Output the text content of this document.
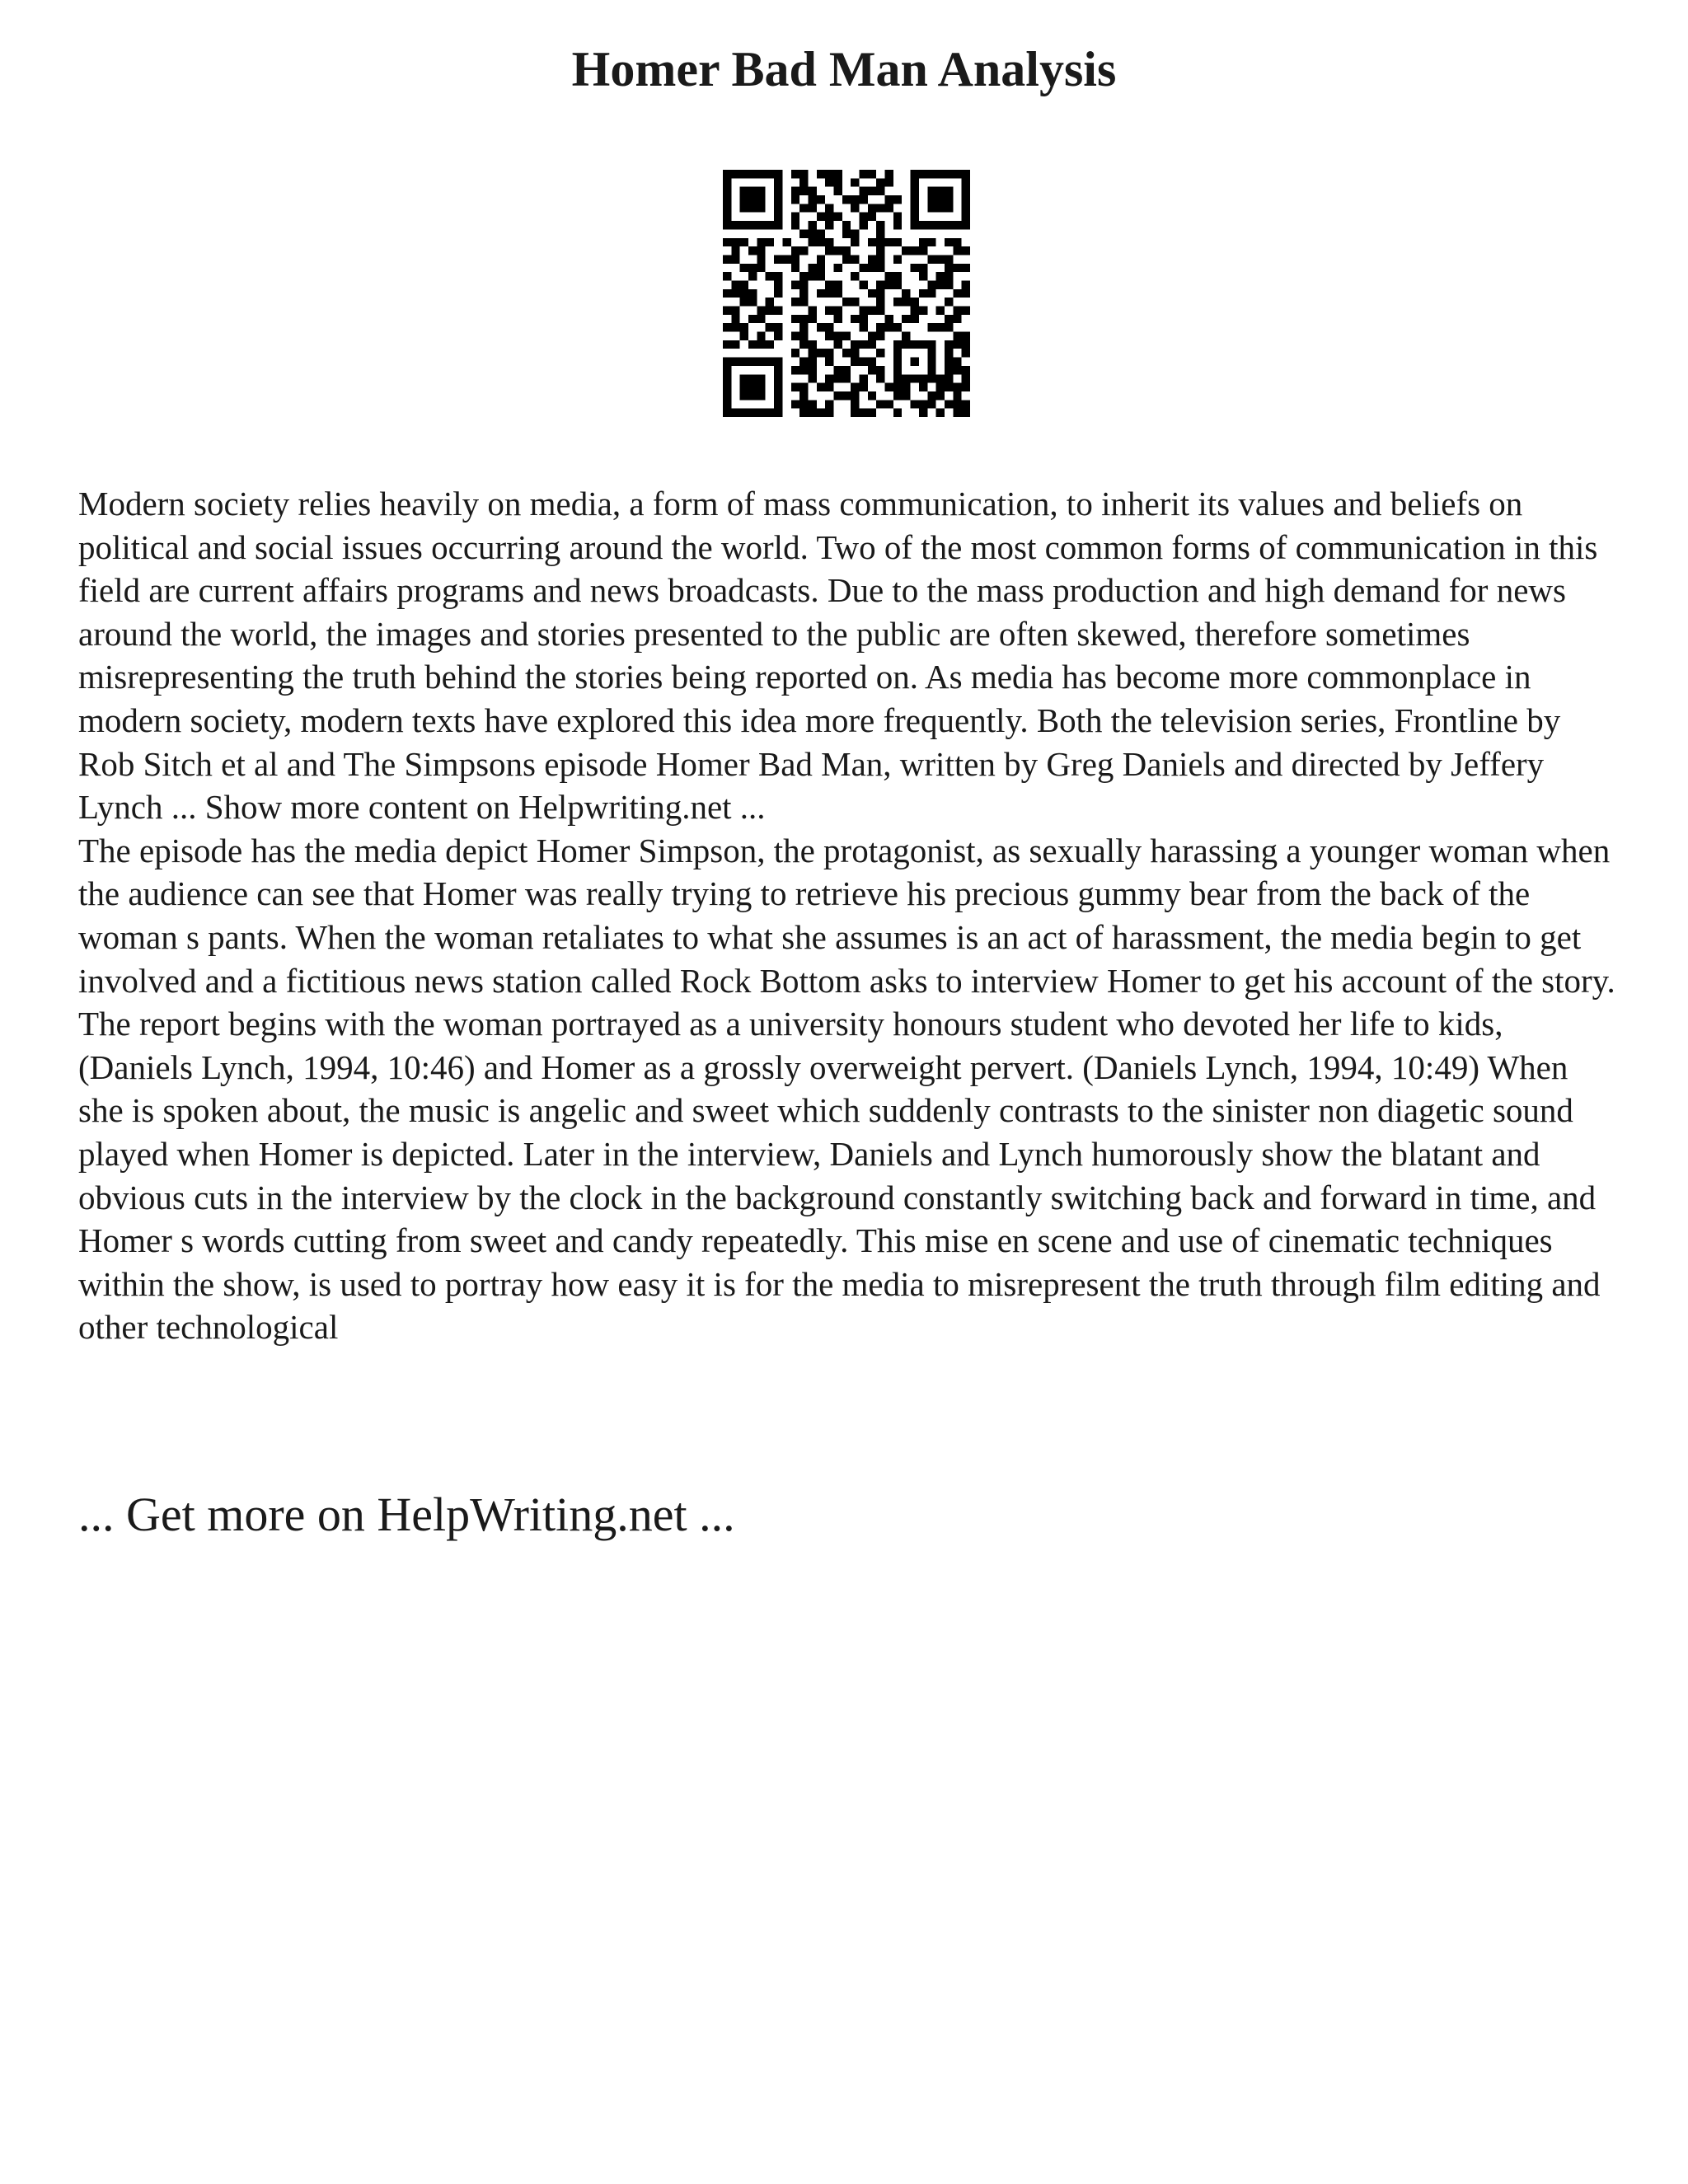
Homer Bad Man Analysis

Modern society relies heavily on media, a form of mass communication, to inherit its values and beliefs on political and social issues occurring around the world. Two of the most common forms of communication in this field are current affairs programs and news broadcasts. Due to the mass production and high demand for news around the world, the images and stories presented to the public are often skewed, therefore sometimes misrepresenting the truth behind the stories being reported on. As media has become more commonplace in modern society, modern texts have explored this idea more frequently. Both the television series, Frontline by Rob Sitch et al and The Simpsons episode Homer Bad Man, written by Greg Daniels and directed by Jeffery Lynch ... Show more content on Helpwriting.net ...

The episode has the media depict Homer Simpson, the protagonist, as sexually harassing a younger woman when the audience can see that Homer was really trying to retrieve his precious gummy bear from the back of the woman s pants. When the woman retaliates to what she assumes is an act of harassment, the media begin to get involved and a fictitious news station called Rock Bottom asks to interview Homer to get his account of the story. The report begins with the woman portrayed as a university honours student who devoted her life to kids, (Daniels Lynch, 1994, 10:46) and Homer as a grossly overweight pervert. (Daniels Lynch, 1994, 10:49) When she is spoken about, the music is angelic and sweet which suddenly contrasts to the sinister non diagetic sound played when Homer is depicted. Later in the interview, Daniels and Lynch humorously show the blatant and obvious cuts in the interview by the clock in the background constantly switching back and forward in time, and Homer s words cutting from sweet and candy repeatedly. This mise en scene and use of cinematic techniques within the show, is used to portray how easy it is for the media to misrepresent the truth through film editing and other technological

... Get more on HelpWriting.net ...
